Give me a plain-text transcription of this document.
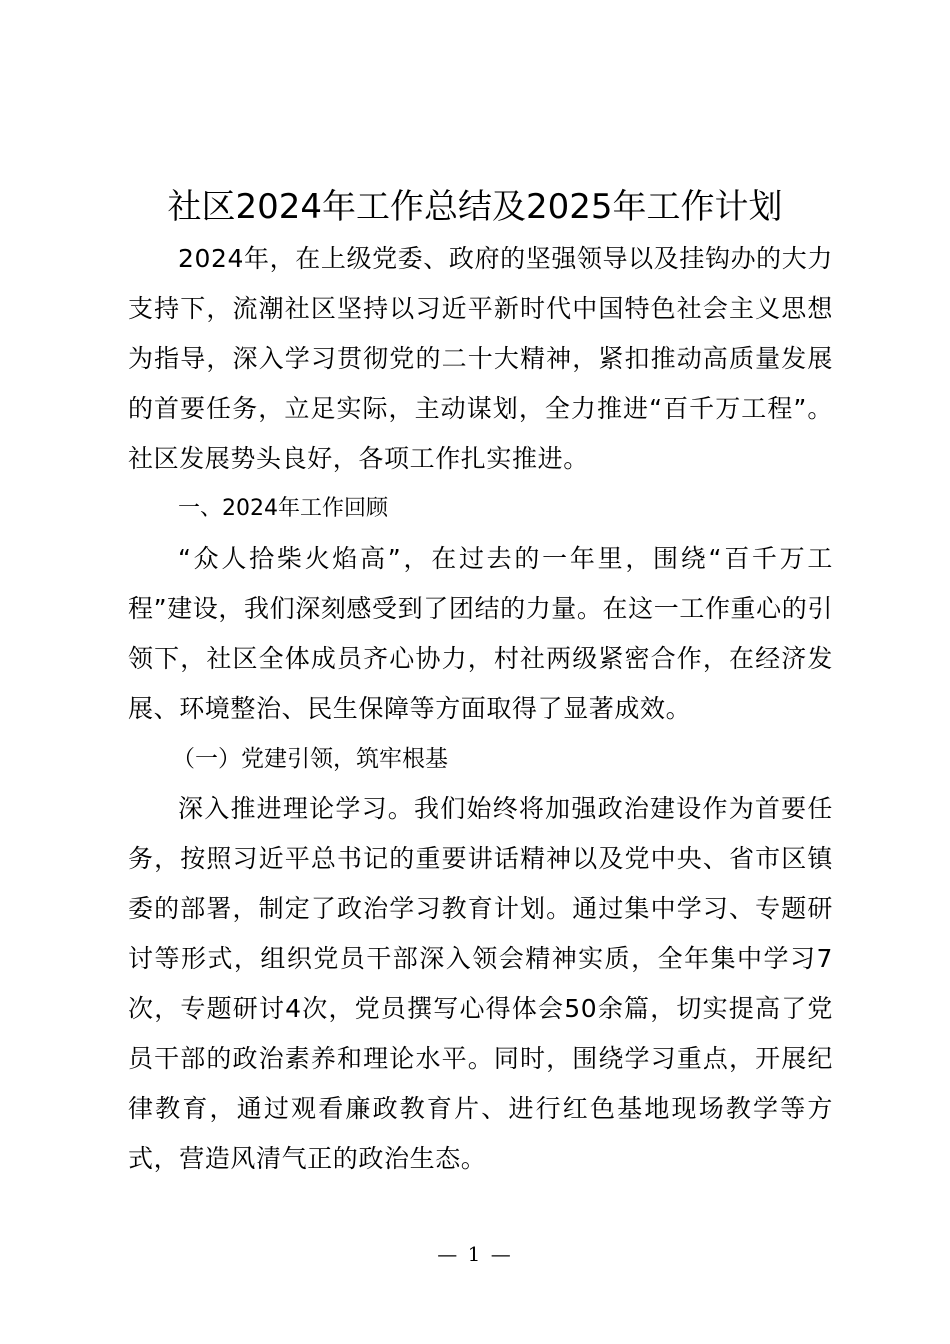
社区2024年工作总结及2025年工作计划

2024年，在上级党委、政府的坚强领导以及挂钩办的大力支持下，流潮社区坚持以习近平新时代中国特色社会主义思想为指导，深入学习贯彻党的二十大精神，紧扣推动高质量发展的首要任务，立足实际，主动谋划，全力推进“百千万工程”。社区发展势头良好，各项工作扎实推进。

一、2024年工作回顾

“众人拾柴火焰高”，在过去的一年里，围绕“百千万工程”建设，我们深刻感受到了团结的力量。在这一工作重心的引领下，社区全体成员齐心协力，村社两级紧密合作，在经济发展、环境整治、民生保障等方面取得了显著成效。

（一）党建引领，筑牢根基

深入推进理论学习。我们始终将加强政治建设作为首要任务，按照习近平总书记的重要讲话精神以及党中央、省市区镇委的部署，制定了政治学习教育计划。通过集中学习、专题研讨等形式，组织党员干部深入领会精神实质，全年集中学习7次，专题研讨4次，党员撰写心得体会50余篇，切实提高了党员干部的政治素养和理论水平。同时，围绕学习重点，开展纪律教育，通过观看廉政教育片、进行红色基地现场教学等方式，营造风清气正的政治生态。

— 1 —
